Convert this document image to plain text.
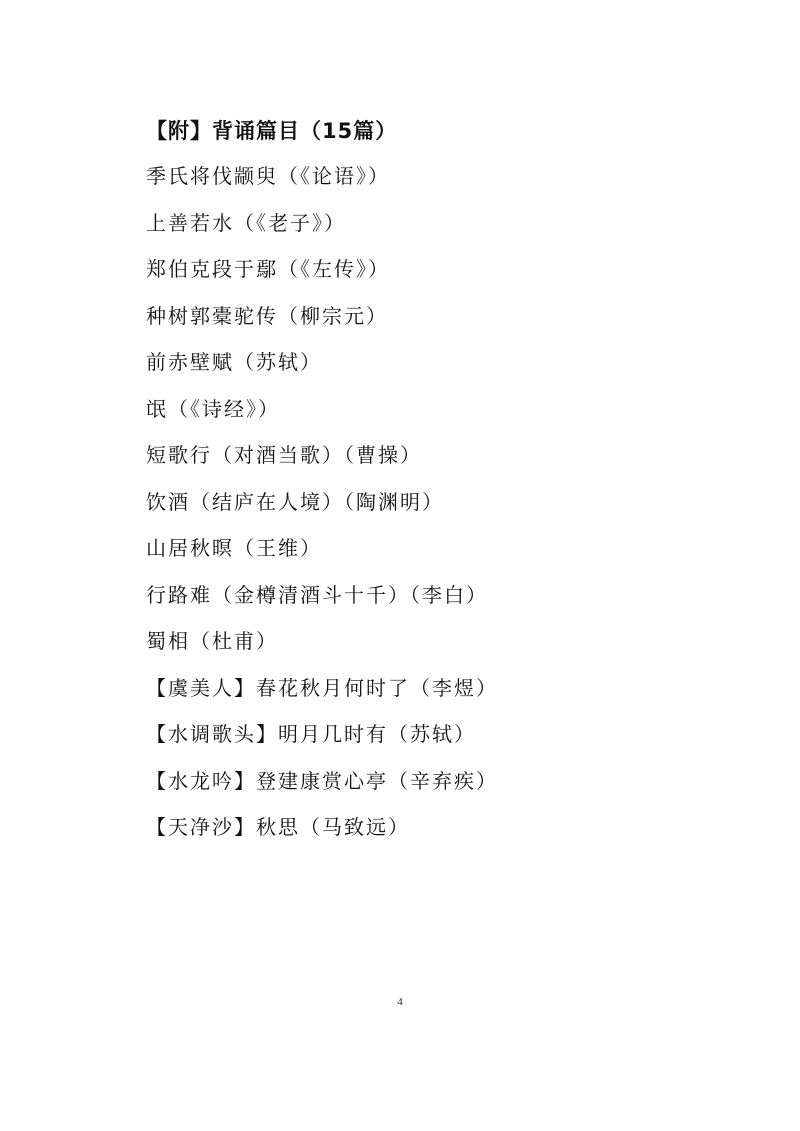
【附】背诵篇目（15篇）
季氏将伐颛臾（《论语》）
上善若水（《老子》）
郑伯克段于鄢（《左传》）
种树郭橐驼传（柳宗元）
前赤壁赋（苏轼）
氓（《诗经》）
短歌行（对酒当歌）（曹操）
饮酒（结庐在人境）（陶渊明）
山居秋暝（王维）
行路难（金樽清酒斗十千）（李白）
蜀相（杜甫）
【虞美人】春花秋月何时了（李煜）
【水调歌头】明月几时有（苏轼）
【水龙吟】登建康赏心亭（辛弃疾）
【天净沙】秋思（马致远）
4
